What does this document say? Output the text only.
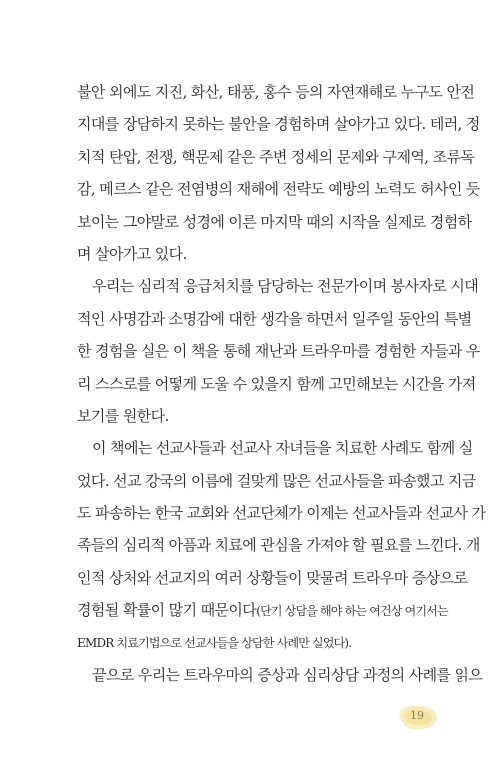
불안 외에도 지진, 화산, 태풍, 홍수 등의 자연재해로 누구도 안전
지대를 장담하지 못하는 불안을 경험하며 살아가고 있다. 테러, 정
치적 탄압, 전쟁, 핵문제 같은 주변 정세의 문제와 구제역, 조류독
감, 메르스 같은 전염병의 재해에 전략도 예방의 노력도 허사인 듯
보이는 그야말로 성경에 이른 마지막 때의 시작을 실제로 경험하
며 살아가고 있다.
우리는 심리적 응급처치를 담당하는 전문가이며 봉사자로 시대
적인 사명감과 소명감에 대한 생각을 하면서 일주일 동안의 특별
한 경험을 실은 이 책을 통해 재난과 트라우마를 경험한 자들과 우
리 스스로를 어떻게 도울 수 있을지 함께 고민해보는 시간을 가져
보기를 원한다.
이 책에는 선교사들과 선교사 자녀들을 치료한 사례도 함께 실
었다. 선교 강국의 이름에 걸맞게 많은 선교사들을 파송했고 지금
도 파송하는 한국 교회와 선교단체가 이제는 선교사들과 선교사 가
족들의 심리적 아픔과 치료에 관심을 가져야 할 필요를 느낀다. 개
인적 상처와 선교지의 여러 상황들이 맞물려 트라우마 증상으로
경험될 확률이 많기 때문이다(단기 상담을 해야 하는 여건상 여기서는
EMDR 치료기법으로 선교사들을 상담한 사례만 실었다).
끝으로 우리는 트라우마의 증상과 심리상담 과정의 사례를 읽으
19
